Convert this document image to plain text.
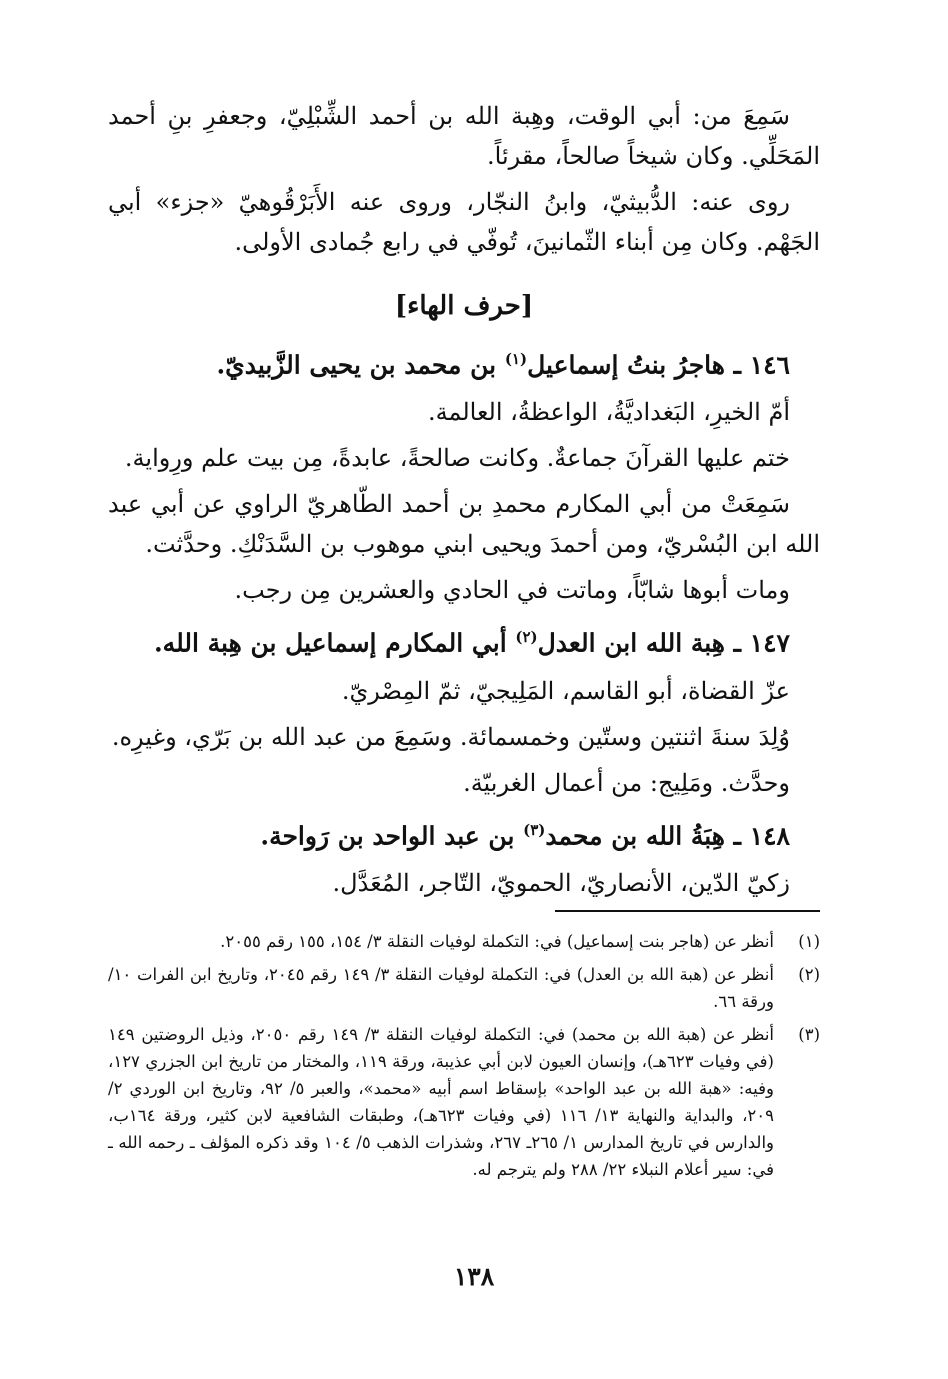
سَمِعَ من: أبي الوقت، وهِبة الله بن أحمد الشِّبْلِيّ، وجعفرِ بنِ أحمد المَحَلِّي. وكان شيخاً صالحاً، مقرئاً.

روى عنه: الدُّبيثيّ، وابنُ النجّار، وروى عنه الأَبَرْقُوهيّ «جزء» أبي الجَهْم. وكان مِن أبناء الثّمانينَ، تُوفّي في رابع جُمادى الأولى.

[حرف الهاء]
١٤٦ ـ هاجرُ بنتُ إسماعيل$^{(١)}$ بن محمد بن يحيى الزَّبيديّ.

أمّ الخيرِ، البَغداديَّةُ، الواعظةُ، العالمة.

ختم عليها القرآنَ جماعةٌ. وكانت صالحةً، عابدةً، مِن بيت علم ورِواية.

سَمِعَتْ من أبي المكارم محمدِ بن أحمد الطّاهريّ الراوي عن أبي عبد الله ابن البُسْريّ، ومن أحمدَ ويحيى ابني موهوب بن السَّدَنْكِ. وحدَّثت.

ومات أبوها شابّاً، وماتت في الحادي والعشرين مِن رجب.

١٤٧ ـ هِبة الله ابن العدل$^{(٢)}$ أبي المكارم إسماعيل بن هِبة الله.

عزّ القضاة، أبو القاسم، المَلِيجيّ، ثمّ المِصْريّ.

وُلِدَ سنةَ اثنتين وستّين وخمسمائة. وسَمِعَ من عبد الله بن بَرّي، وغيرِه.

وحدَّث. ومَلِيج: من أعمال الغربيّة.

١٤٨ ـ هِبَةُ الله بن محمد$^{(٣)}$ بن عبد الواحد بن رَواحة.

زكيّ الدّين، الأنصاريّ، الحمويّ، التّاجر، المُعَدَّل.

(١)
أنظر عن (هاجر بنت إسماعيل) في: التكملة لوفيات النقلة ٣/ ١٥٤، ١٥٥ رقم ٢٠٥٥.
(٢)
أنظر عن (هبة الله بن العدل) في: التكملة لوفيات النقلة ٣/ ١٤٩ رقم ٢٠٤٥، وتاريخ ابن الفرات ١٠/ ورقة ٦٦.
(٣)
أنظر عن (هبة الله بن محمد) في: التكملة لوفيات النقلة ٣/ ١٤٩ رقم ٢٠٥٠، وذيل الروضتين ١٤٩ (في وفيات ٦٢٣هـ)، وإنسان العيون لابن أبي عذيبة، ورقة ١١٩، والمختار من تاريخ ابن الجزري ١٢٧، وفيه: «هبة الله بن عبد الواحد» بإسقاط اسم أبيه «محمد»، والعبر ٥/ ٩٢، وتاريخ ابن الوردي ٢/ ٢٠٩، والبداية والنهاية ١٣/ ١١٦ (في وفيات ٦٢٣هـ)، وطبقات الشافعية لابن كثير، ورقة ١٦٤ب، والدارس في تاريخ المدارس ١/ ٢٦٥ـ ٢٦٧، وشذرات الذهب ٥/ ١٠٤ وقد ذكره المؤلف ـ رحمه الله ـ في: سير أعلام النبلاء ٢٢/ ٢٨٨ ولم يترجم له.
١٣٨
